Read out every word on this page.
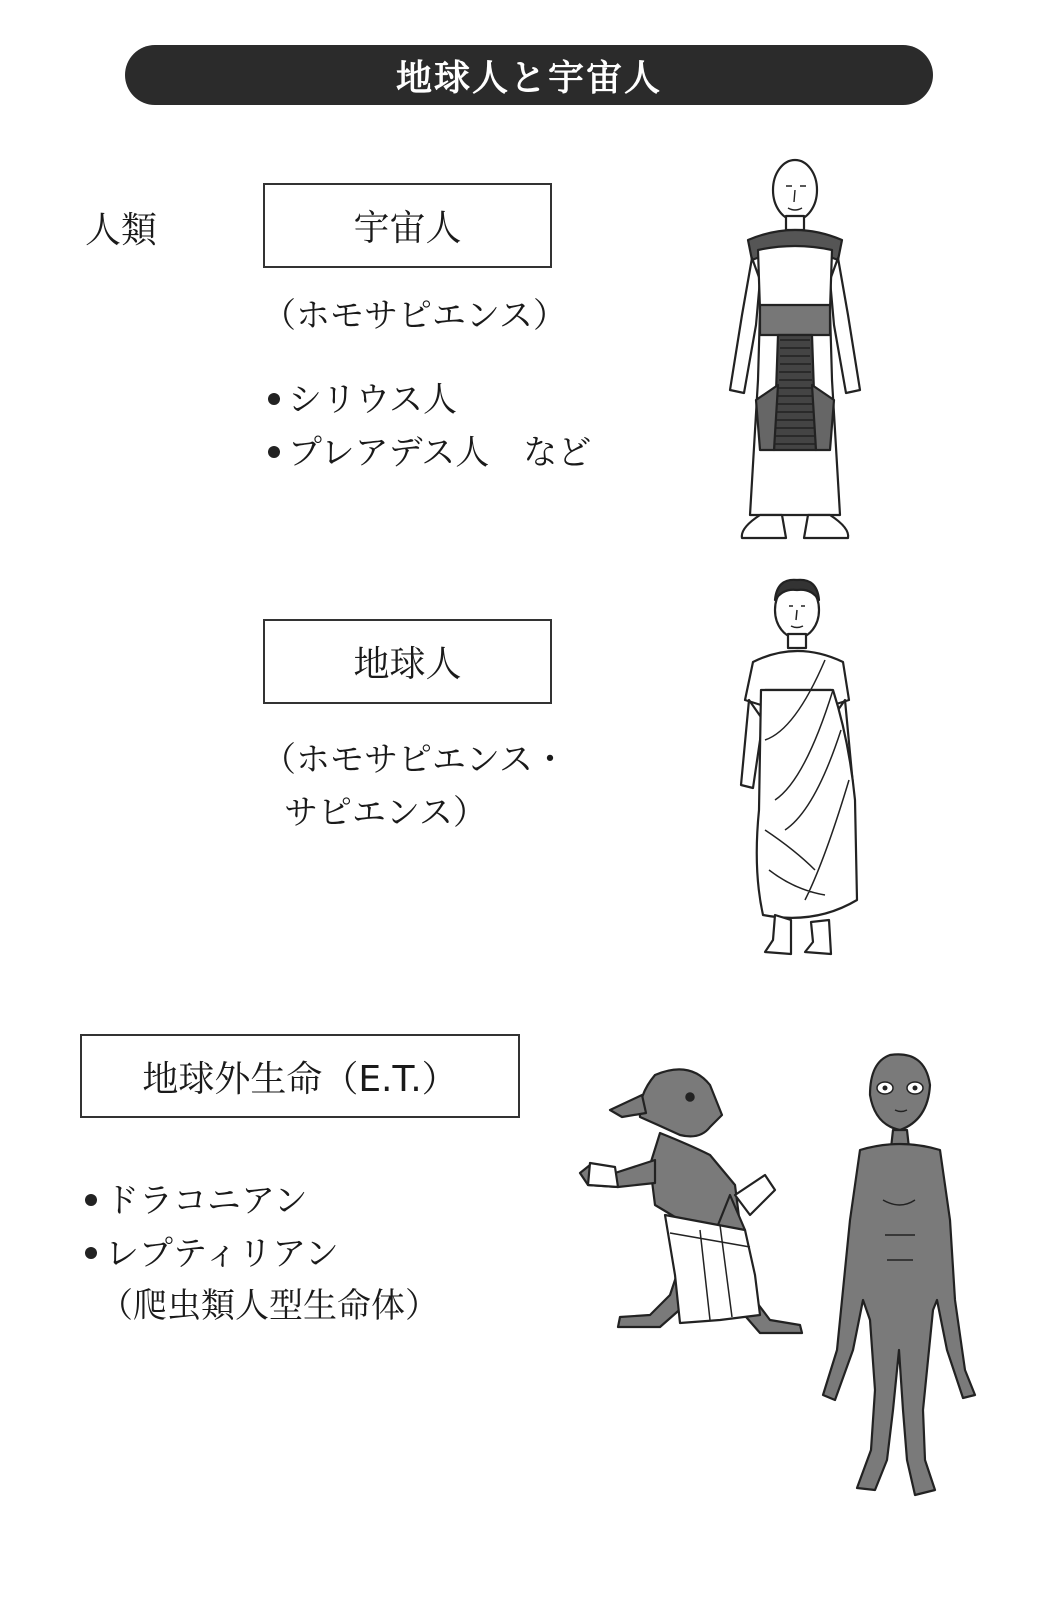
地球人と宇宙人
人類	宇宙人
（ホモサピエンス）
シリウス人
プレアデス人　など
地球人
（ホモサピエンス・
サピエンス）
地球外生命（E.T.）
ドラコニアン
レプティリアン
（爬虫類人型生命体）
